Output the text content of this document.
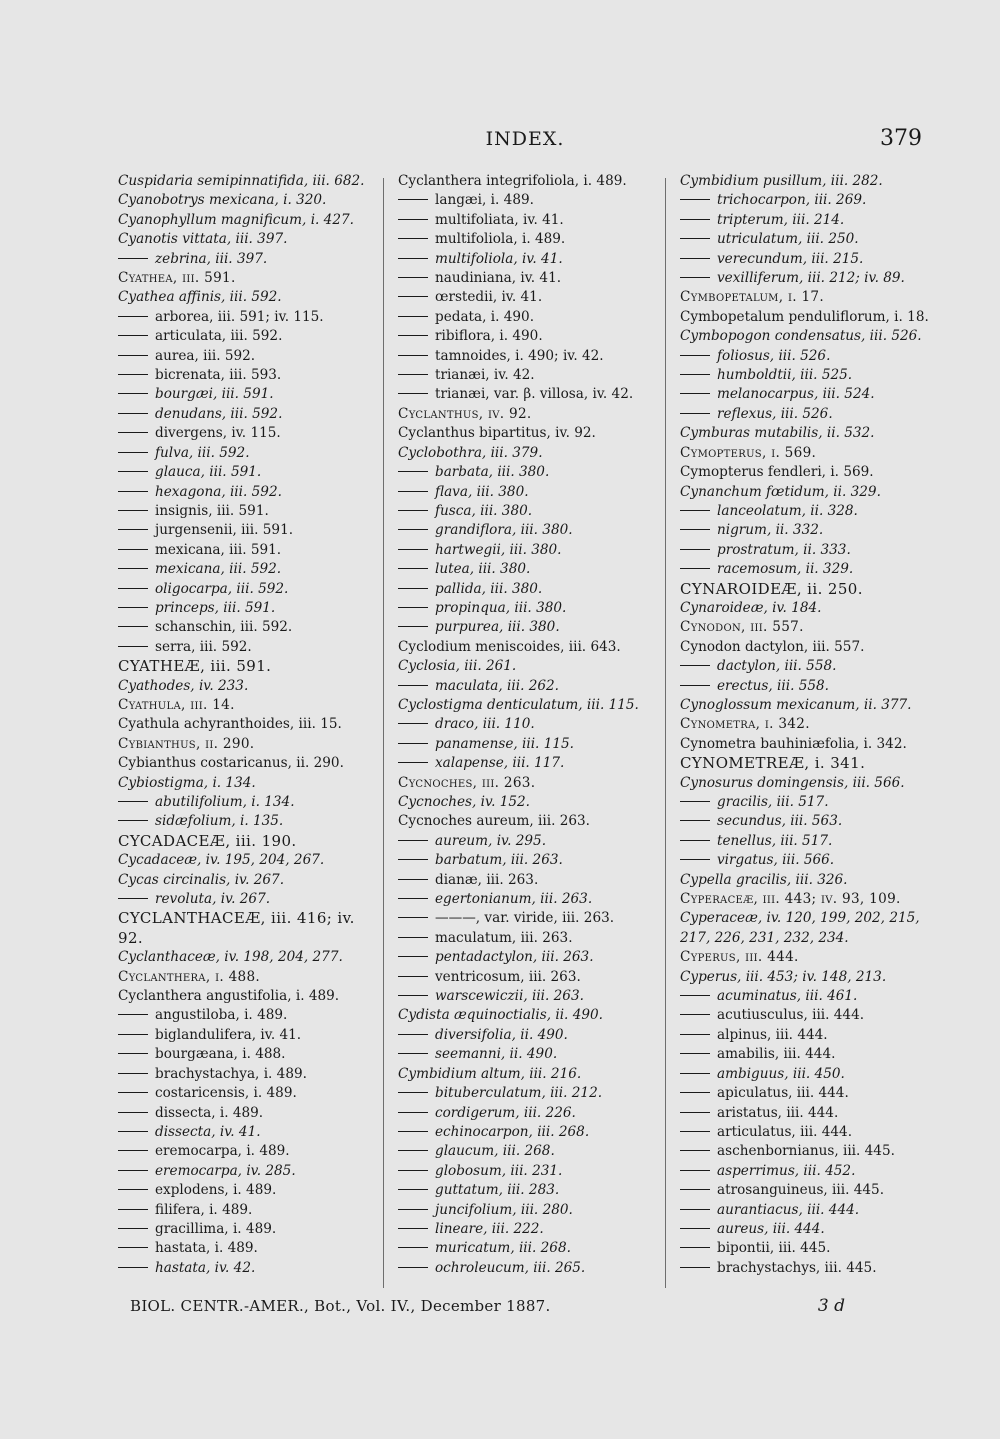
INDEX.	379
Cuspidaria semipinnatifida, iii. 682.
Cyanobotrys mexicana, i. 320.
Cyanophyllum magnificum, i. 427.
Cyanotis vittata, iii. 397.
zebrina, iii. 397.
Cyathea, iii. 591.
Cyathea affinis, iii. 592.
arborea, iii. 591; iv. 115.
articulata, iii. 592.
aurea, iii. 592.
bicrenata, iii. 593.
bourgæi, iii. 591.
denudans, iii. 592.
divergens, iv. 115.
fulva, iii. 592.
glauca, iii. 591.
hexagona, iii. 592.
insignis, iii. 591.
jurgensenii, iii. 591.
mexicana, iii. 591.
mexicana, iii. 592.
oligocarpa, iii. 592.
princeps, iii. 591.
schanschin, iii. 592.
serra, iii. 592.
CYATHEÆ, iii. 591.
Cyathodes, iv. 233.
Cyathula, iii. 14.
Cyathula achyranthoides, iii. 15.
Cybianthus, ii. 290.
Cybianthus costaricanus, ii. 290.
Cybiostigma, i. 134.
abutilifolium, i. 134.
sidæfolium, i. 135.
CYCADACEÆ, iii. 190.
Cycadaceæ, iv. 195, 204, 267.
Cycas circinalis, iv. 267.
revoluta, iv. 267.
CYCLANTHACEÆ, iii. 416; iv. 92.
Cyclanthaceæ, iv. 198, 204, 277.
Cyclanthera, i. 488.
Cyclanthera angustifolia, i. 489.
angustiloba, i. 489.
biglandulifera, iv. 41.
bourgæana, i. 488.
brachystachya, i. 489.
costaricensis, i. 489.
dissecta, i. 489.
dissecta, iv. 41.
eremocarpa, i. 489.
eremocarpa, iv. 285.
explodens, i. 489.
filifera, i. 489.
gracillima, i. 489.
hastata, i. 489.
hastata, iv. 42.
Cyclanthera integrifoliola, i. 489.
langæi, i. 489.
multifoliata, iv. 41.
multifoliola, i. 489.
multifoliola, iv. 41.
naudiniana, iv. 41.
œrstedii, iv. 41.
pedata, i. 490.
ribiflora, i. 490.
tamnoides, i. 490; iv. 42.
trianæi, iv. 42.
trianæi, var. β. villosa, iv. 42.
Cyclanthus, iv. 92.
Cyclanthus bipartitus, iv. 92.
Cyclobothra, iii. 379.
barbata, iii. 380.
flava, iii. 380.
fusca, iii. 380.
grandiflora, iii. 380.
hartwegii, iii. 380.
lutea, iii. 380.
pallida, iii. 380.
propinqua, iii. 380.
purpurea, iii. 380.
Cyclodium meniscoides, iii. 643.
Cyclosia, iii. 261.
maculata, iii. 262.
Cyclostigma denticulatum, iii. 115.
draco, iii. 110.
panamense, iii. 115.
xalapense, iii. 117.
Cycnoches, iii. 263.
Cycnoches, iv. 152.
Cycnoches aureum, iii. 263.
aureum, iv. 295.
barbatum, iii. 263.
dianæ, iii. 263.
egertonianum, iii. 263.
———, var. viride, iii. 263.
maculatum, iii. 263.
pentadactylon, iii. 263.
ventricosum, iii. 263.
warscewiczii, iii. 263.
Cydista æquinoctialis, ii. 490.
diversifolia, ii. 490.
seemanni, ii. 490.
Cymbidium altum, iii. 216.
bituberculatum, iii. 212.
cordigerum, iii. 226.
echinocarpon, iii. 268.
glaucum, iii. 268.
globosum, iii. 231.
guttatum, iii. 283.
juncifolium, iii. 280.
lineare, iii. 222.
muricatum, iii. 268.
ochroleucum, iii. 265.
Cymbidium pusillum, iii. 282.
trichocarpon, iii. 269.
tripterum, iii. 214.
utriculatum, iii. 250.
verecundum, iii. 215.
vexilliferum, iii. 212; iv. 89.
Cymbopetalum, i. 17.
Cymbopetalum penduliflorum, i. 18.
Cymbopogon condensatus, iii. 526.
foliosus, iii. 526.
humboldtii, iii. 525.
melanocarpus, iii. 524.
reflexus, iii. 526.
Cymburas mutabilis, ii. 532.
Cymopterus, i. 569.
Cymopterus fendleri, i. 569.
Cynanchum fœtidum, ii. 329.
lanceolatum, ii. 328.
nigrum, ii. 332.
prostratum, ii. 333.
racemosum, ii. 329.
CYNAROIDEÆ, ii. 250.
Cynaroideæ, iv. 184.
Cynodon, iii. 557.
Cynodon dactylon, iii. 557.
dactylon, iii. 558.
erectus, iii. 558.
Cynoglossum mexicanum, ii. 377.
Cynometra, i. 342.
Cynometra bauhiniæfolia, i. 342.
CYNOMETREÆ, i. 341.
Cynosurus domingensis, iii. 566.
gracilis, iii. 517.
secundus, iii. 563.
tenellus, iii. 517.
virgatus, iii. 566.
Cypella gracilis, iii. 326.
Cyperaceæ, iii. 443; iv. 93, 109.
Cyperaceæ, iv. 120, 199, 202, 215, 217, 226, 231, 232, 234.
Cyperus, iii. 444.
Cyperus, iii. 453; iv. 148, 213.
acuminatus, iii. 461.
acutiusculus, iii. 444.
alpinus, iii. 444.
amabilis, iii. 444.
ambiguus, iii. 450.
apiculatus, iii. 444.
aristatus, iii. 444.
articulatus, iii. 444.
aschenbornianus, iii. 445.
asperrimus, iii. 452.
atrosanguineus, iii. 445.
aurantiacus, iii. 444.
aureus, iii. 444.
bipontii, iii. 445.
brachystachys, iii. 445.
BIOL. CENTR.-AMER., Bot., Vol. IV., December 1887.	3 d
